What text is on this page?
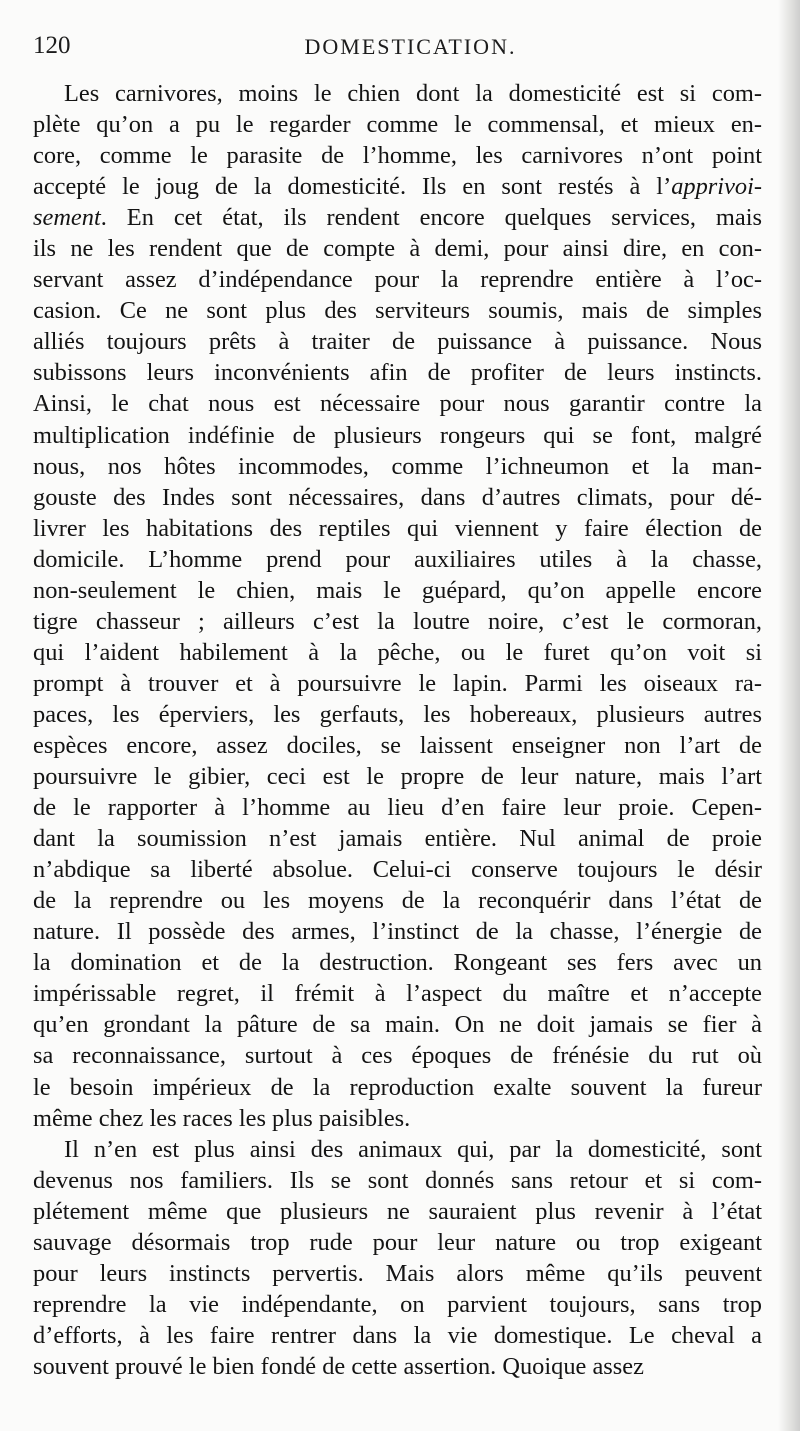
120	DOMESTICATION.
Les carnivores, moins le chien dont la domesticité est si com-
plète qu’on a pu le regarder comme le commensal, et mieux en-
core, comme le parasite de l’homme, les carnivores n’ont point
accepté le joug de la domesticité. Ils en sont restés à l’apprivoi-
sement. En cet état, ils rendent encore quelques services, mais
ils ne les rendent que de compte à demi, pour ainsi dire, en con-
servant assez d’indépendance pour la reprendre entière à l’oc-
casion. Ce ne sont plus des serviteurs soumis, mais de simples
alliés toujours prêts à traiter de puissance à puissance. Nous
subissons leurs inconvénients afin de profiter de leurs instincts.
Ainsi, le chat nous est nécessaire pour nous garantir contre la
multiplication indéfinie de plusieurs rongeurs qui se font, malgré
nous, nos hôtes incommodes, comme l’ichneumon et la man-
gouste des Indes sont nécessaires, dans d’autres climats, pour dé-
livrer les habitations des reptiles qui viennent y faire élection de
domicile. L’homme prend pour auxiliaires utiles à la chasse,
non-seulement le chien, mais le guépard, qu’on appelle encore
tigre chasseur ; ailleurs c’est la loutre noire, c’est le cormoran,
qui l’aident habilement à la pêche, ou le furet qu’on voit si
prompt à trouver et à poursuivre le lapin. Parmi les oiseaux ra-
paces, les éperviers, les gerfauts, les hobereaux, plusieurs autres
espèces encore, assez dociles, se laissent enseigner non l’art de
poursuivre le gibier, ceci est le propre de leur nature, mais l’art
de le rapporter à l’homme au lieu d’en faire leur proie. Cepen-
dant la soumission n’est jamais entière. Nul animal de proie
n’abdique sa liberté absolue. Celui-ci conserve toujours le désir
de la reprendre ou les moyens de la reconquérir dans l’état de
nature. Il possède des armes, l’instinct de la chasse, l’énergie de
la domination et de la destruction. Rongeant ses fers avec un
impérissable regret, il frémit à l’aspect du maître et n’accepte
qu’en grondant la pâture de sa main. On ne doit jamais se fier à
sa reconnaissance, surtout à ces époques de frénésie du rut où
le besoin impérieux de la reproduction exalte souvent la fureur
même chez les races les plus paisibles.
Il n’en est plus ainsi des animaux qui, par la domesticité, sont
devenus nos familiers. Ils se sont donnés sans retour et si com-
plétement même que plusieurs ne sauraient plus revenir à l’état
sauvage désormais trop rude pour leur nature ou trop exigeant
pour leurs instincts pervertis. Mais alors même qu’ils peuvent
reprendre la vie indépendante, on parvient toujours, sans trop
d’efforts, à les faire rentrer dans la vie domestique. Le cheval a
souvent prouvé le bien fondé de cette assertion. Quoique assez
